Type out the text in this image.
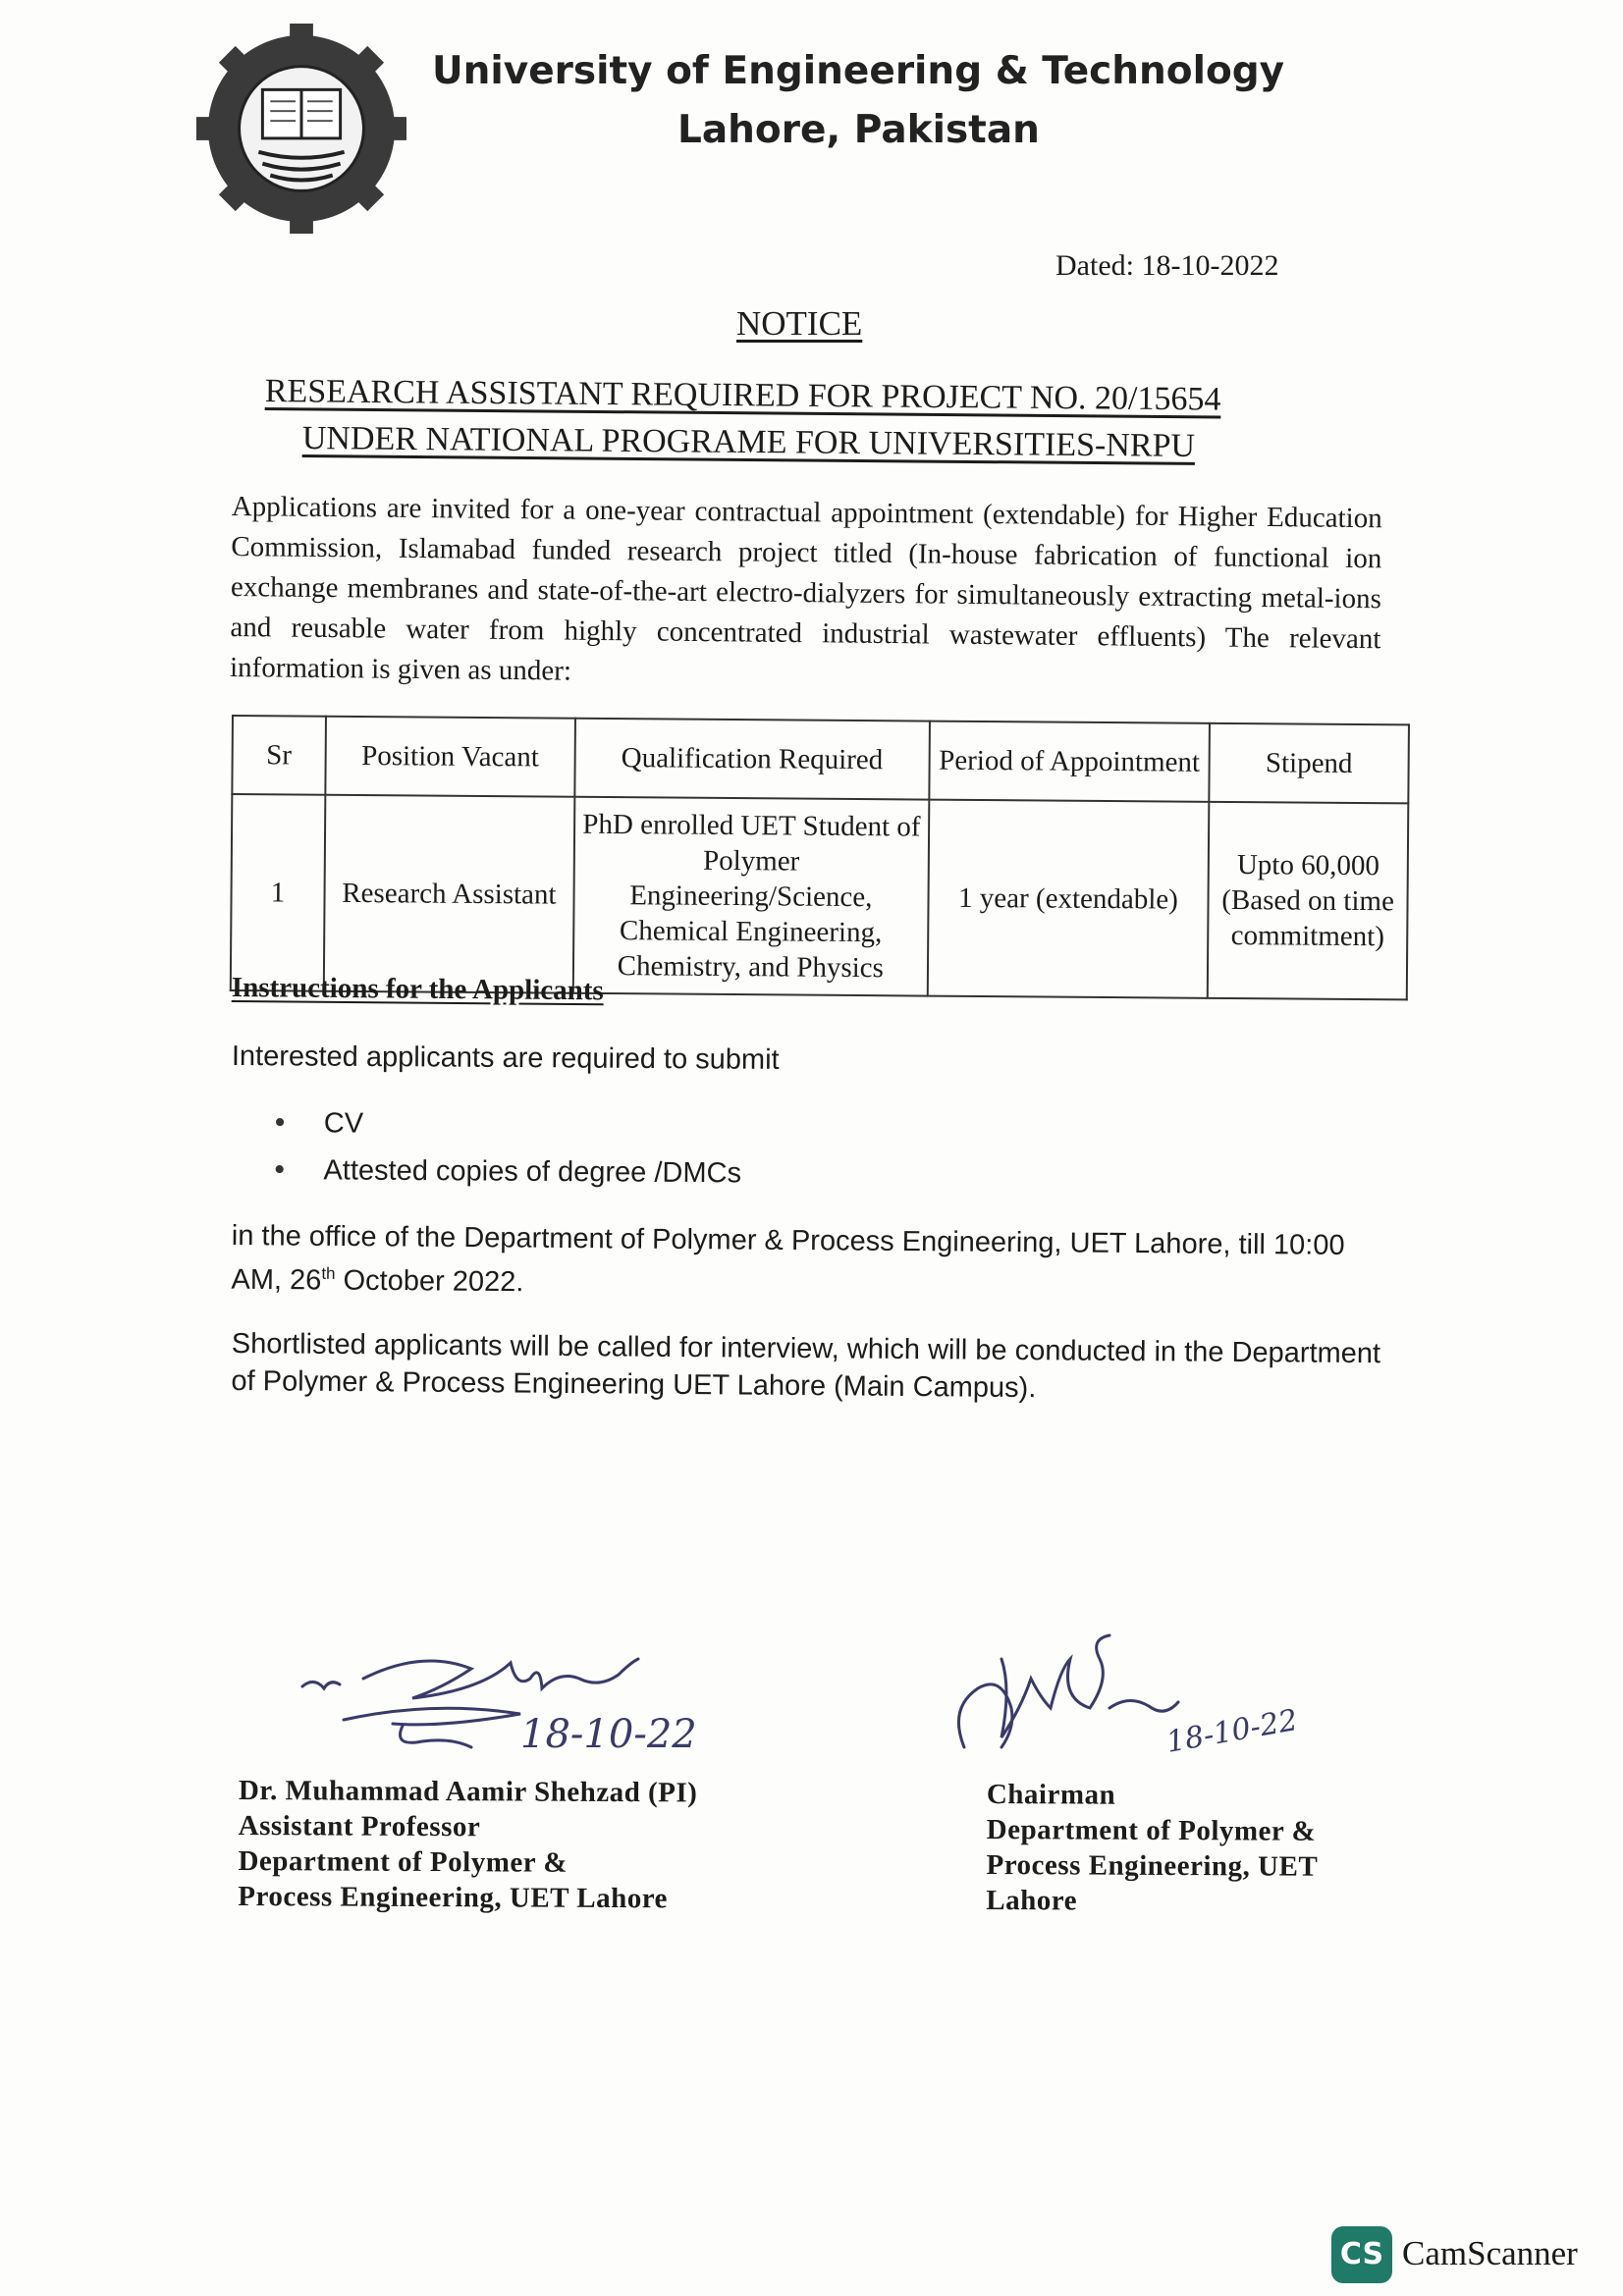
University of Engineering & Technology
Lahore, Pakistan
Dated: 18-10-2022
NOTICE
RESEARCH ASSISTANT REQUIRED FOR PROJECT NO. 20/15654
UNDER NATIONAL PROGRAME FOR UNIVERSITIES-NRPU
Applications are invited for a one-year contractual appointment (extendable) for Higher Education Commission, Islamabad funded research project titled (In-house fabrication of functional ion exchange membranes and state-of-the-art electro-dialyzers for simultaneously extracting metal-ions and reusable water from highly concentrated industrial wastewater effluents) The relevant information is given as under:
Sr	Position Vacant	Qualification Required	Period of Appointment	Stipend
1	Research Assistant	PhD enrolled UET Student of Polymer Engineering/Science, Chemical Engineering, Chemistry, and Physics	1 year (extendable)	Upto 60,000 (Based on time commitment)
Instructions for the Applicants
Interested applicants are required to submit
• CV
• Attested copies of degree /DMCs
in the office of the Department of Polymer & Process Engineering, UET Lahore, till 10:00 AM, 26th October 2022.
Shortlisted applicants will be called for interview, which will be conducted in the Department of Polymer & Process Engineering UET Lahore (Main Campus).
18-10-22	18-10-22
Dr. Muhammad Aamir Shehzad (PI)
Assistant Professor
Department of Polymer &
Process Engineering, UET Lahore
Chairman
Department of Polymer &
Process Engineering, UET
Lahore
CS CamScanner
